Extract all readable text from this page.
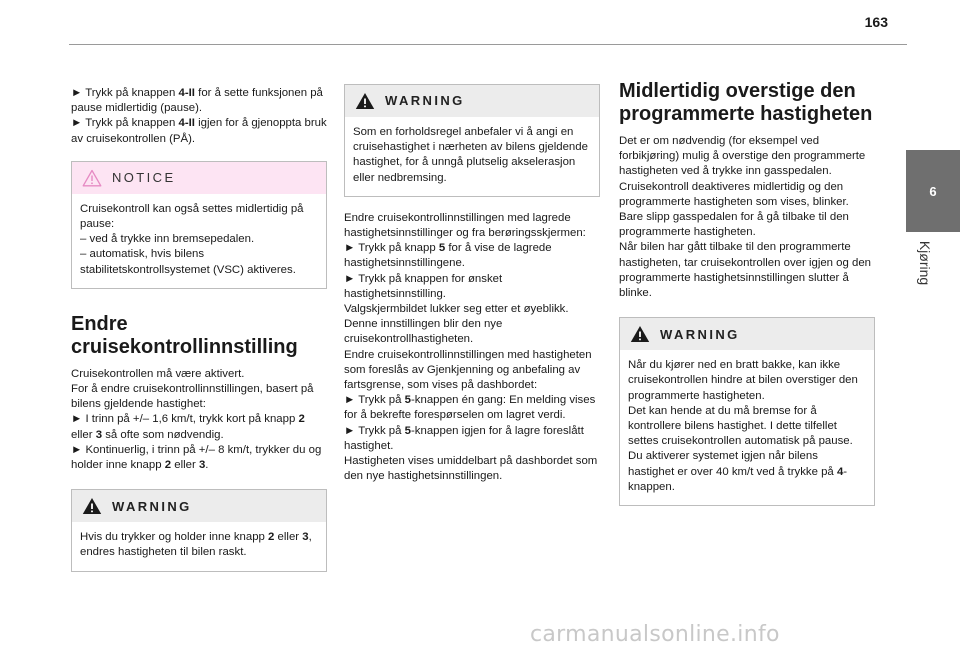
163
6
Kjøring

► Trykk på knappen 4-II for å sette funksjonen på pause midlertidig (pause).

► Trykk på knappen 4-II igjen for å gjenoppta bruk av cruisekontrollen (PÅ).

NOTICE

Cruisekontroll kan også settes midlertidig på pause:

– ved å trykke inn bremsepedalen.

– automatisk, hvis bilens stabilitetskontrollsystemet (VSC) aktiveres.

Endre cruisekontrollinnstilling

Cruisekontrollen må være aktivert.

For å endre cruisekontrollinnstillingen, basert på bilens gjeldende hastighet:

► I trinn på +/– 1,6 km/t, trykk kort på knapp 2 eller 3 så ofte som nødvendig.

► Kontinuerlig, i trinn på +/– 8 km/t, trykker du og holder inne knapp 2 eller 3.

WARNING

Hvis du trykker og holder inne knapp 2 eller 3, endres hastigheten til bilen raskt.

WARNING

Som en forholdsregel anbefaler vi å angi en cruisehastighet i nærheten av bilens gjeldende hastighet, for å unngå plutselig akselerasjon eller nedbremsing.

Endre cruisekontrollinnstillingen med lagrede hastighetsinnstillinger og fra berøringsskjermen:

► Trykk på knapp 5 for å vise de lagrede hastighetsinnstillingene.

► Trykk på knappen for ønsket hastighetsinnstilling.

Valgskjermbildet lukker seg etter et øyeblikk.

Denne innstillingen blir den nye cruisekontrollhastigheten.

Endre cruisekontrollinnstillingen med hastigheten som foreslås av Gjenkjenning og anbefaling av fartsgrense, som vises på dashbordet:

► Trykk på 5-knappen én gang: En melding vises for å bekrefte forespørselen om lagret verdi.

► Trykk på 5-knappen igjen for å lagre foreslått hastighet.

Hastigheten vises umiddelbart på dashbordet som den nye hastighetsinnstillingen.

Midlertidig overstige den programmerte hastigheten

Det er om nødvendig (for eksempel ved forbikjøring) mulig å overstige den programmerte hastigheten ved å trykke inn gasspedalen.

Cruisekontroll deaktiveres midlertidig og den programmerte hastigheten som vises, blinker.

Bare slipp gasspedalen for å gå tilbake til den programmerte hastigheten.

Når bilen har gått tilbake til den programmerte hastigheten, tar cruisekontrollen over igjen og den programmerte hastighetsinnstillingen slutter å blinke.

WARNING

Når du kjører ned en bratt bakke, kan ikke cruisekontrollen hindre at bilen overstiger den programmerte hastigheten.

Det kan hende at du må bremse for å kontrollere bilens hastighet. I dette tilfellet settes cruisekontrollen automatisk på pause.

Du aktiverer systemet igjen når bilens hastighet er over 40 km/t ved å trykke på 4-knappen.

carmanualsonline.info
